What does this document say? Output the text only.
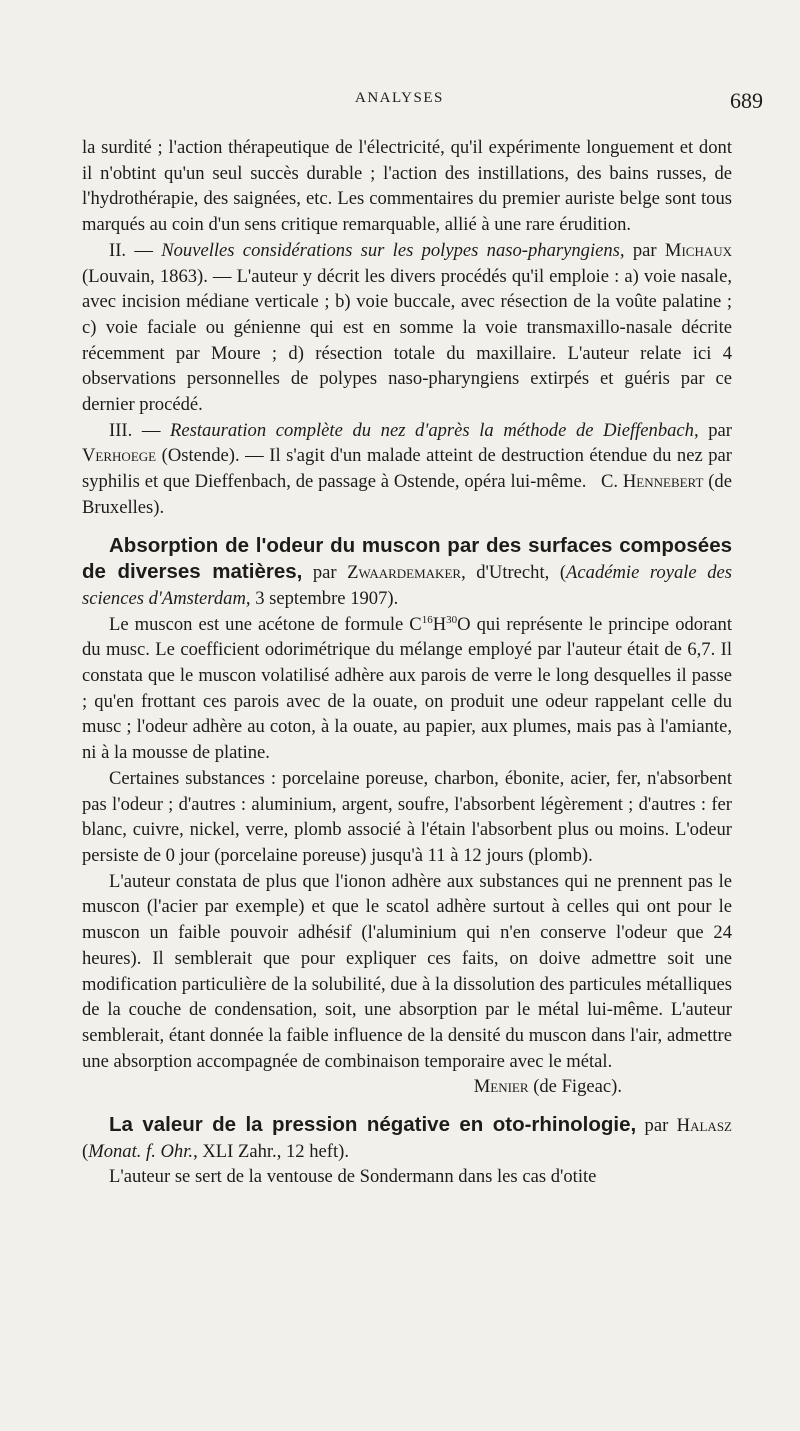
ANALYSES	689

la surdité ; l'action thérapeutique de l'électricité, qu'il expérimente longuement et dont il n'obtint qu'un seul succès durable ; l'action des instillations, des bains russes, de l'hydrothérapie, des saignées, etc. Les commentaires du premier auriste belge sont tous marqués au coin d'un sens critique remarquable, allié à une rare érudition.

II. — Nouvelles considérations sur les polypes naso-pharyngiens, par Michaux (Louvain, 1863). — L'auteur y décrit les divers procédés qu'il emploie : a) voie nasale, avec incision médiane verticale ; b) voie buccale, avec résection de la voûte palatine ; c) voie faciale ou génienne qui est en somme la voie transmaxillo-nasale décrite récemment par Moure ; d) résection totale du maxillaire. L'auteur relate ici 4 observations personnelles de polypes naso-pharyngiens extirpés et guéris par ce dernier procédé.

III. — Restauration complète du nez d'après la méthode de Dieffenbach, par Verhoege (Ostende). — Il s'agit d'un malade atteint de destruction étendue du nez par syphilis et que Dieffenbach, de passage à Ostende, opéra lui-même.   C. Hennebert (de Bruxelles).

Absorption de l'odeur du muscon par des surfaces composées de diverses matières, par Zwaardemaker, d'Utrecht, (Académie royale des sciences d'Amsterdam, 3 septembre 1907).

Le muscon est une acétone de formule $C^{16}H^{30}O$ qui représente le principe odorant du musc. Le coefficient odorimétrique du mélange employé par l'auteur était de 6,7. Il constata que le muscon volatilisé adhère aux parois de verre le long desquelles il passe ; qu'en frottant ces parois avec de la ouate, on produit une odeur rappelant celle du musc ; l'odeur adhère au coton, à la ouate, au papier, aux plumes, mais pas à l'amiante, ni à la mousse de platine.

Certaines substances : porcelaine poreuse, charbon, ébonite, acier, fer, n'absorbent pas l'odeur ; d'autres : aluminium, argent, soufre, l'absorbent légèrement ; d'autres : fer blanc, cuivre, nickel, verre, plomb associé à l'étain l'absorbent plus ou moins. L'odeur persiste de 0 jour (porcelaine poreuse) jusqu'à 11 à 12 jours (plomb).

L'auteur constata de plus que l'ionon adhère aux substances qui ne prennent pas le muscon (l'acier par exemple) et que le scatol adhère surtout à celles qui ont pour le muscon un faible pouvoir adhésif (l'aluminium qui n'en conserve l'odeur que 24 heures). Il semblerait que pour expliquer ces faits, on doive admettre soit une modification particulière de la solubilité, due à la dissolution des particules métalliques de la couche de condensation, soit, une absorption par le métal lui-même. L'auteur semblerait, étant donnée la faible influence de la densité du muscon dans l'air, admettre une absorption accompagnée de combinaison temporaire avec le métal.

Menier (de Figeac).

La valeur de la pression négative en oto-rhinologie, par Halasz (Monat. f. Ohr., XLI Zahr., 12 heft).

L'auteur se sert de la ventouse de Sondermann dans les cas d'otite
